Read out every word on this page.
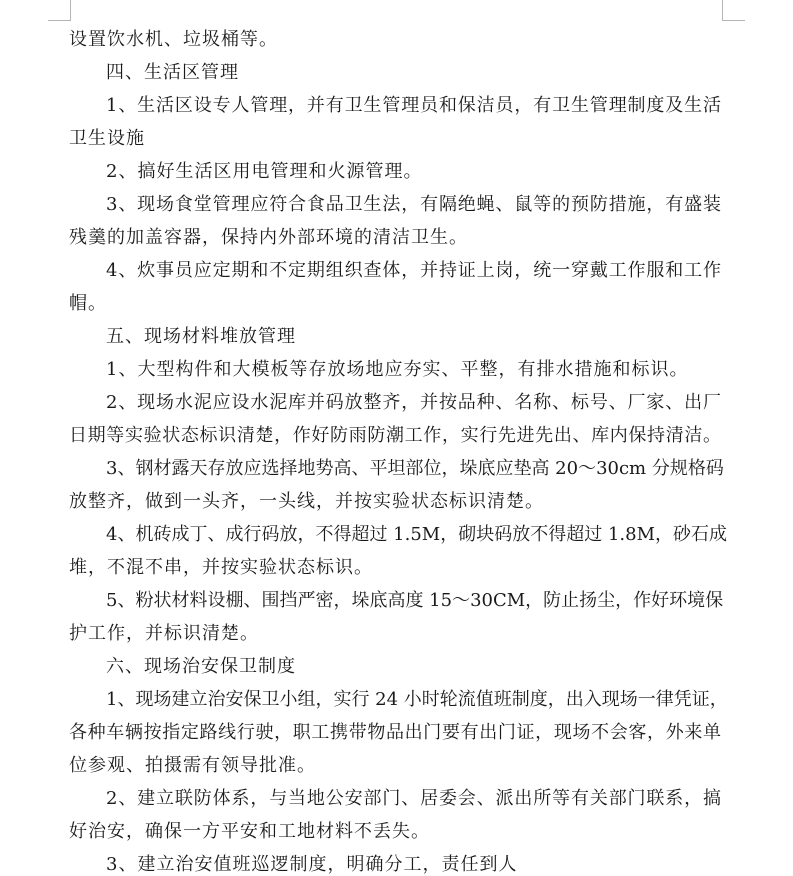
设置饮水机、垃圾桶等。

四、生活区管理

1、生活区设专人管理，并有卫生管理员和保洁员，有卫生管理制度及生活

卫生设施

2、搞好生活区用电管理和火源管理。

3、现场食堂管理应符合食品卫生法，有隔绝蝇、鼠等的预防措施，有盛装

残羹的加盖容器，保持内外部环境的清洁卫生。

4、炊事员应定期和不定期组织查体，并持证上岗，统一穿戴工作服和工作

帽。

五、现场材料堆放管理

1、大型构件和大模板等存放场地应夯实、平整，有排水措施和标识。

2、现场水泥应设水泥库并码放整齐，并按品种、名称、标号、厂家、出厂

日期等实验状态标识清楚，作好防雨防潮工作，实行先进先出、库内保持清洁。

3、钢材露天存放应选择地势高、平坦部位，垛底应垫高 20～30cm 分规格码

放整齐，做到一头齐，一头线，并按实验状态标识清楚。

4、机砖成丁、成行码放，不得超过 1.5M，砌块码放不得超过 1.8M，砂石成

堆，不混不串，并按实验状态标识。

5、粉状材料设棚、围挡严密，垛底高度 15～30CM，防止扬尘，作好环境保

护工作，并标识清楚。

六、现场治安保卫制度

1、现场建立治安保卫小组，实行 24 小时轮流值班制度，出入现场一律凭证，

各种车辆按指定路线行驶，职工携带物品出门要有出门证，现场不会客，外来单

位参观、拍摄需有领导批准。

2、建立联防体系，与当地公安部门、居委会、派出所等有关部门联系，搞

好治安，确保一方平安和工地材料不丢失。

3、建立治安值班巡逻制度，明确分工，责任到人
